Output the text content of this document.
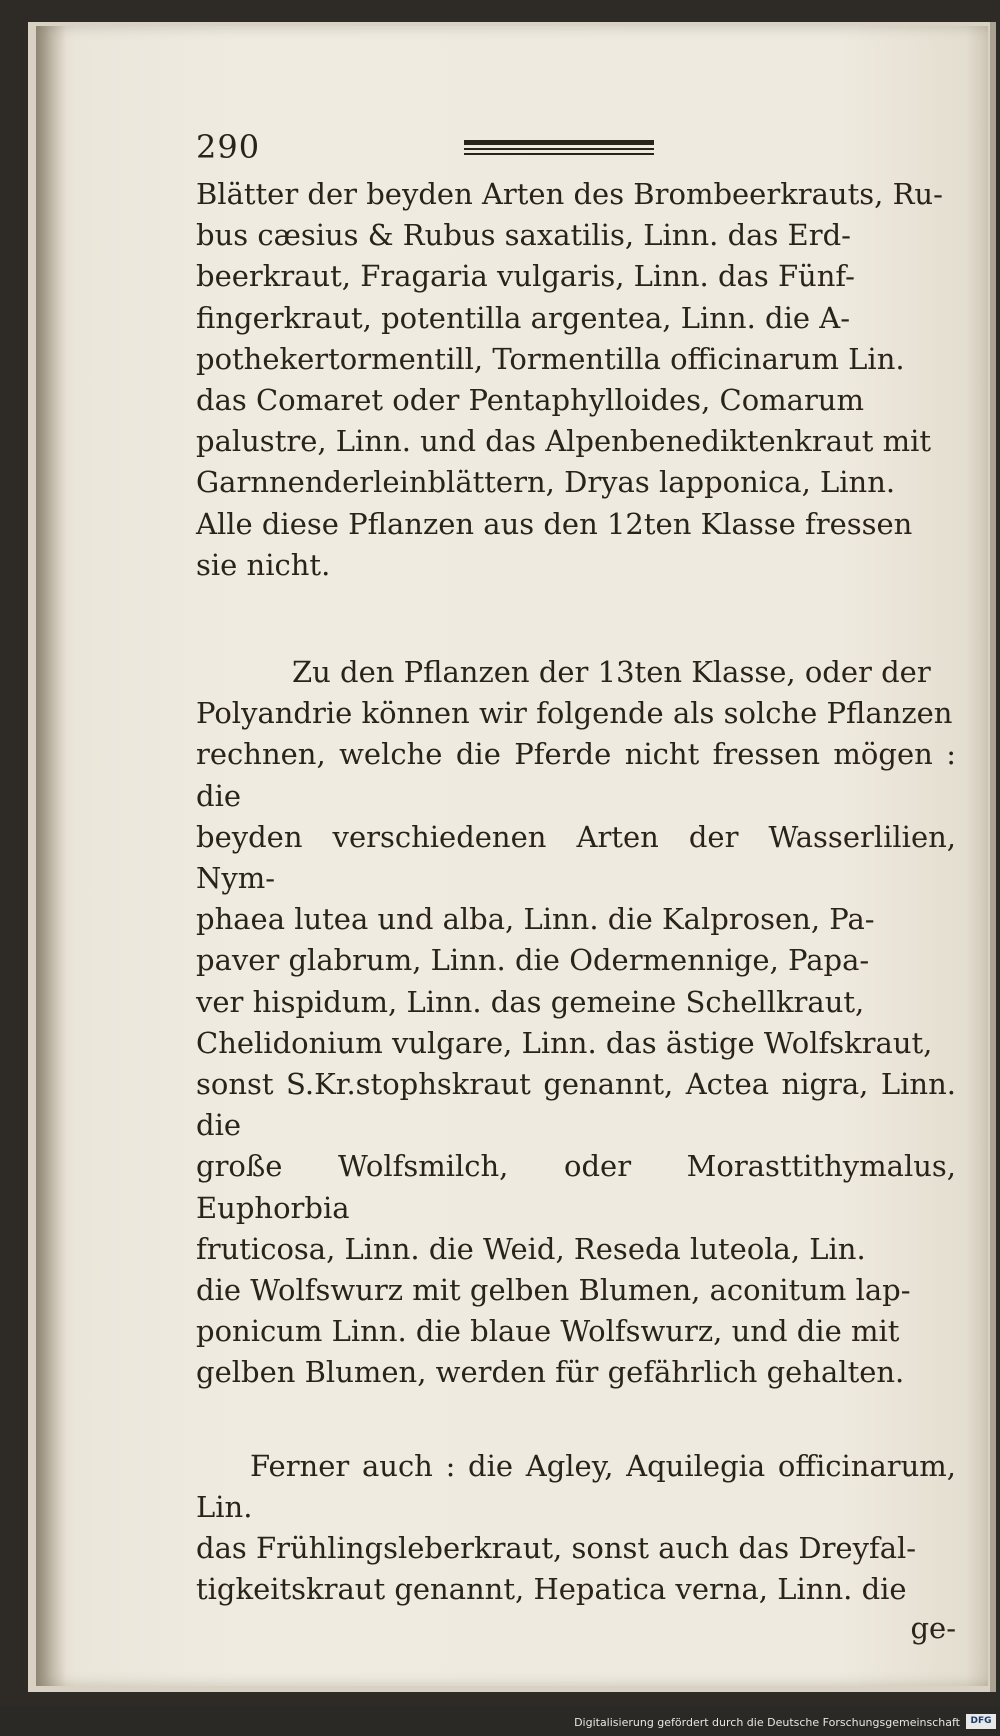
290

Blätter der beyden Arten des Brombeerkrauts, Ru-

bus cæsius & Rubus saxatilis, Linn. das Erd-

beerkraut, Fragaria vulgaris, Linn. das Fünf-

fingerkraut, potentilla argentea, Linn. die A-

pothekertormentill, Tormentilla officinarum Lin.

das Comaret oder Pentaphylloides, Comarum

palustre, Linn. und das Alpenbenediktenkraut mit

Garnnenderleinblättern, Dryas lapponica, Linn.

Alle diese Pflanzen aus den 12ten Klasse fressen

sie nicht.

Zu den Pflanzen der 13ten Klasse, oder der

Polyandrie können wir folgende als solche Pflanzen

rechnen, welche die Pferde nicht fressen mögen : die

beyden verschiedenen Arten der Wasserlilien, Nym-

phaea lutea und alba, Linn. die Kalprosen, Pa-

paver glabrum, Linn. die Odermennige, Papa-

ver hispidum, Linn. das gemeine Schellkraut,

Chelidonium vulgare, Linn. das ästige Wolfskraut,

sonst S.Kr.stophskraut genannt, Actea nigra, Linn. die

große Wolfsmilch, oder Morasttithymalus, Euphorbia

fruticosa, Linn. die Weid, Reseda luteola, Lin.

die Wolfswurz mit gelben Blumen, aconitum lap-

ponicum Linn. die blaue Wolfswurz, und die mit

gelben Blumen, werden für gefährlich gehalten.

Ferner auch : die Agley, Aquilegia officinarum, Lin.

das Frühlingsleberkraut, sonst auch das Dreyfal-

tigkeitskraut genannt, Hepatica verna, Linn. die

ge-
Digitalisierung gefördert durch die Deutsche Forschungsgemeinschaft	DFG
